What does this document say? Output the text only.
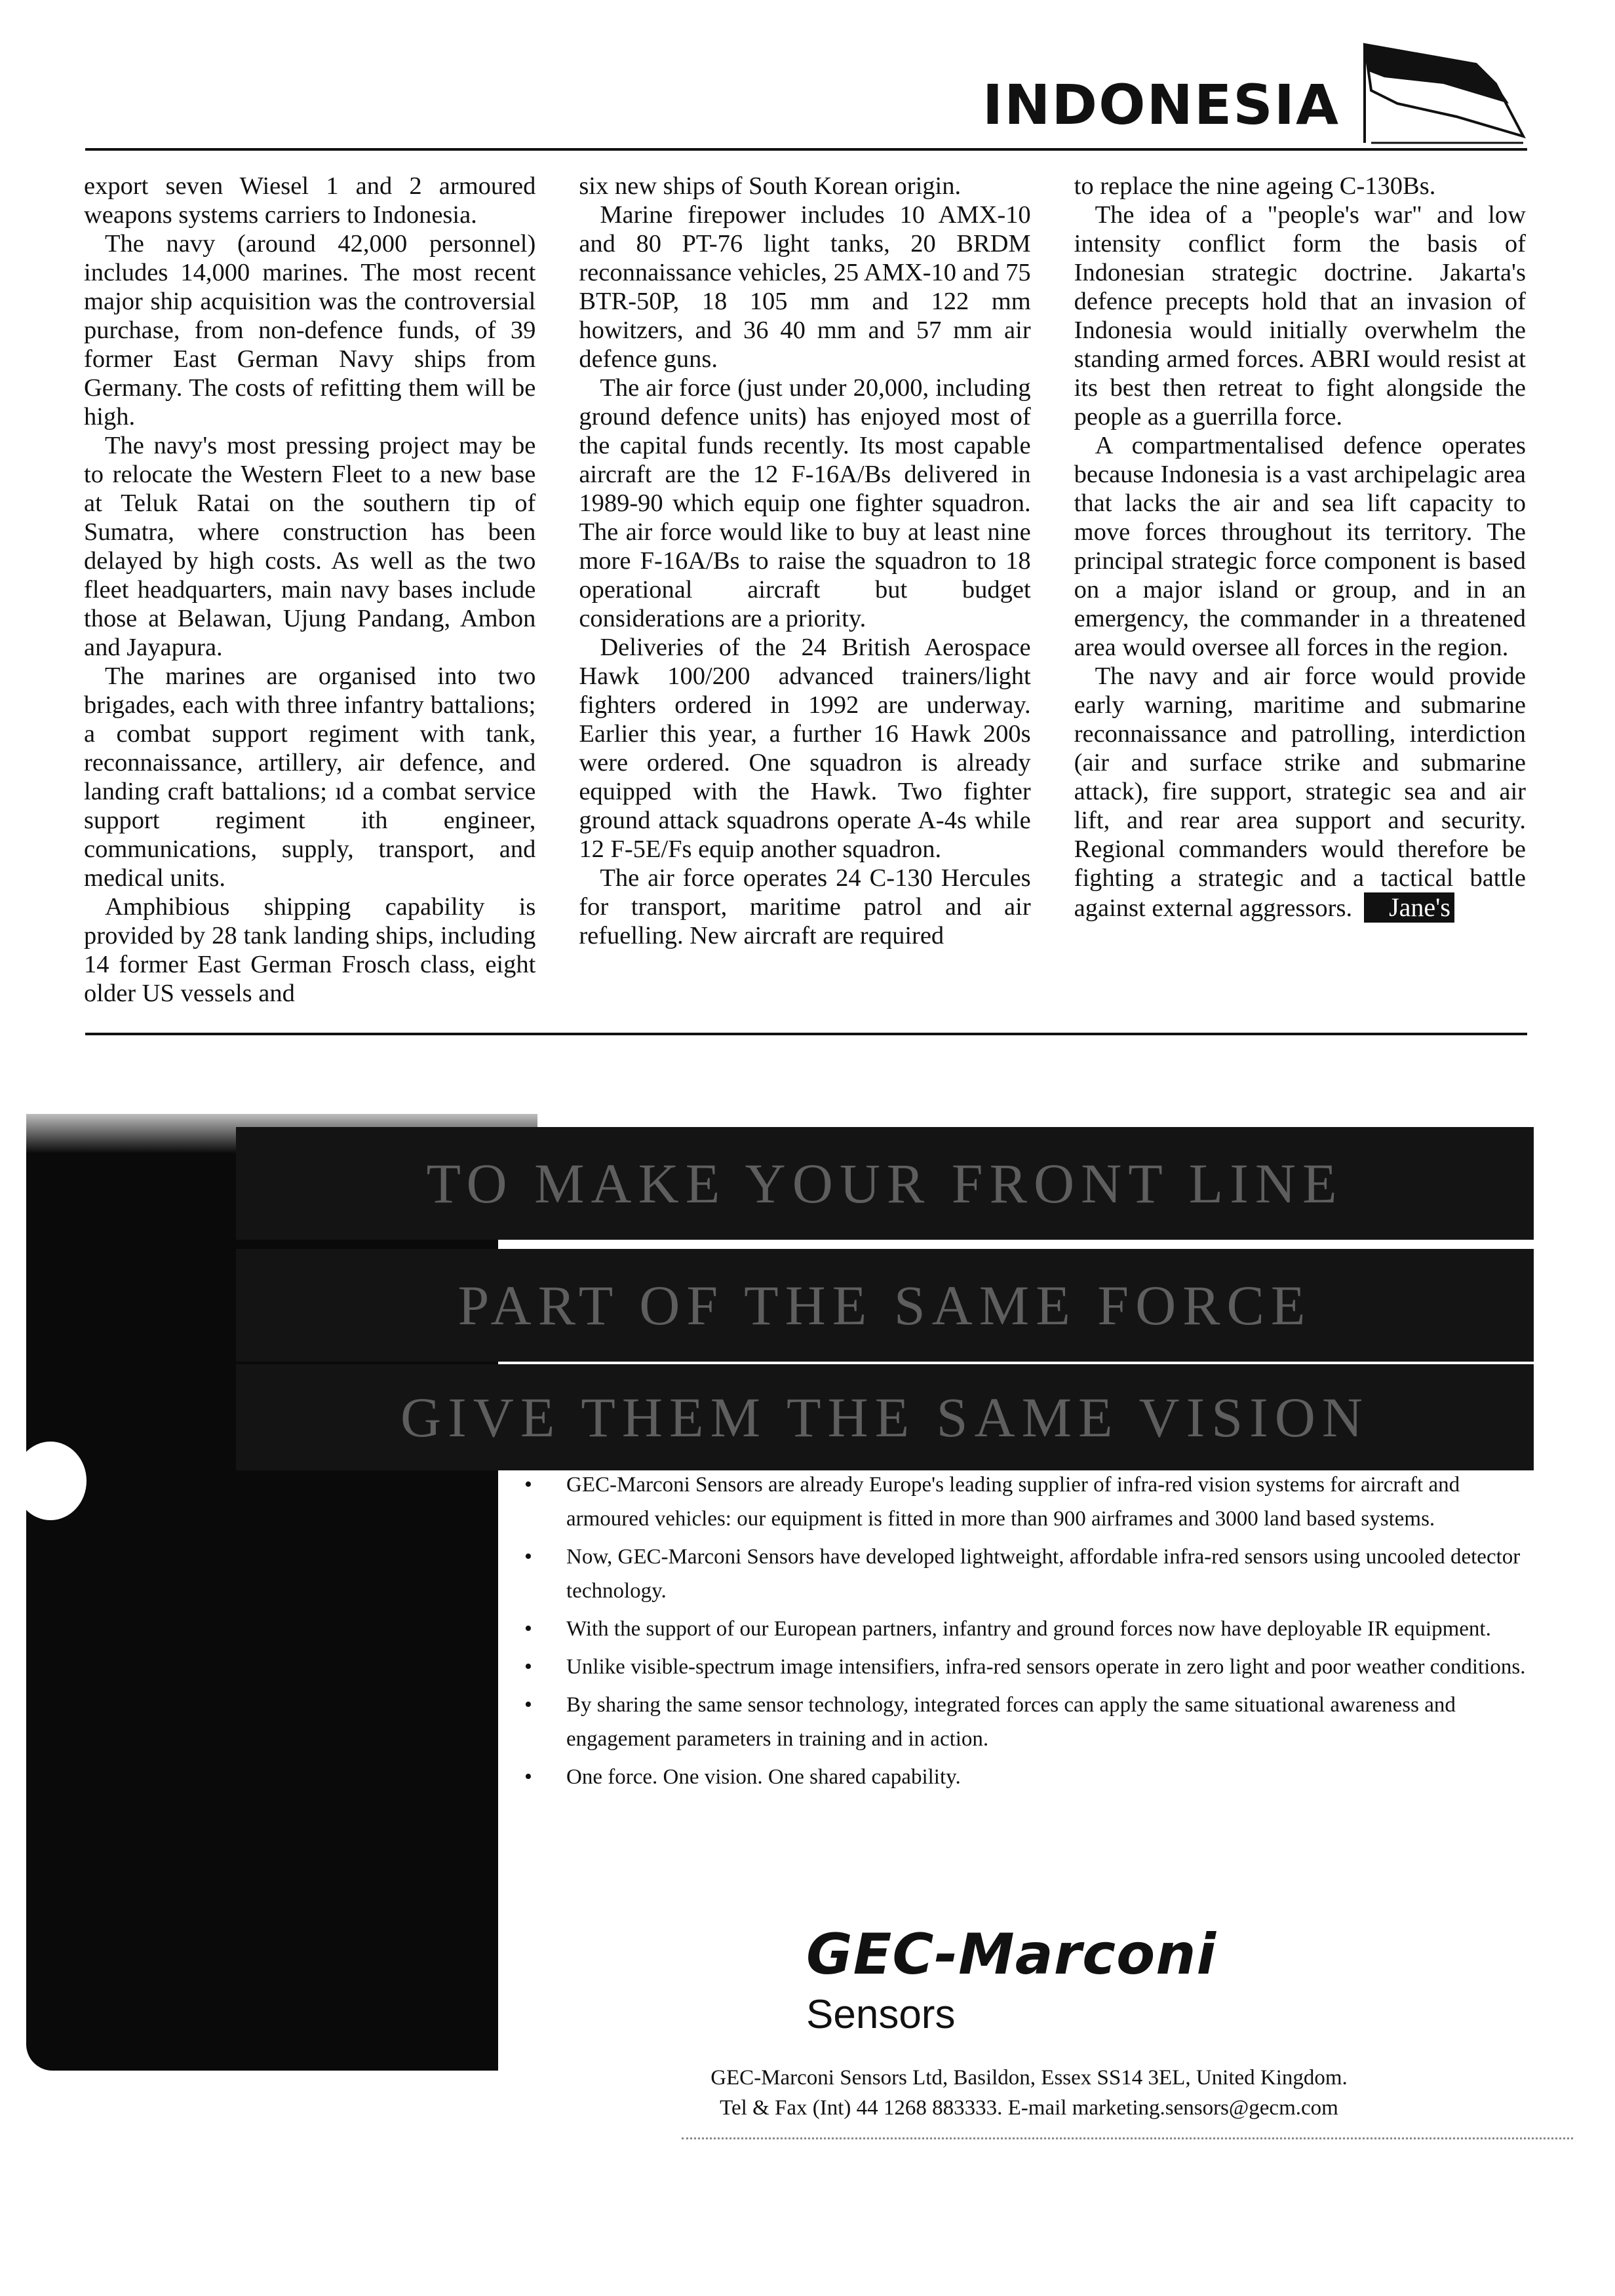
INDONESIA

export seven Wiesel 1 and 2 armoured weapons systems carriers to Indonesia.

The navy (around 42,000 personnel) includes 14,000 marines. The most recent major ship acquisition was the controversial purchase, from non-defence funds, of 39 former East German Navy ships from Germany. The costs of refitting them will be high.

The navy's most pressing project may be to relocate the Western Fleet to a new base at Teluk Ratai on the southern tip of Sumatra, where construction has been delayed by high costs. As well as the two fleet headquarters, main navy bases include those at Belawan, Ujung Pandang, Ambon and Jayapura.

The marines are organised into two brigades, each with three infantry battalions; a combat support regiment with tank, reconnaissance, artillery, air defence, and landing craft battalions; ıd a combat service support regiment ith engineer, communications, supply, transport, and medical units.

Amphibious shipping capability is provided by 28 tank landing ships, including 14 former East German Frosch class, eight older US vessels and

six new ships of South Korean origin.

Marine firepower includes 10 AMX-10 and 80 PT-76 light tanks, 20 BRDM reconnaissance vehicles, 25 AMX-10 and 75 BTR-50P, 18 105 mm and 122 mm howitzers, and 36 40 mm and 57 mm air defence guns.

The air force (just under 20,000, including ground defence units) has enjoyed most of the capital funds recently. Its most capable aircraft are the 12 F-16A/Bs delivered in 1989-90 which equip one fighter squadron. The air force would like to buy at least nine more F-16A/Bs to raise the squadron to 18 operational aircraft but budget considerations are a priority.

Deliveries of the 24 British Aerospace Hawk 100/200 advanced trainers/light fighters ordered in 1992 are underway. Earlier this year, a further 16 Hawk 200s were ordered. One squadron is already equipped with the Hawk. Two fighter ground attack squadrons operate A-4s while 12 F-5E/Fs equip another squadron.

The air force operates 24 C-130 Hercules for transport, maritime patrol and air refuelling. New aircraft are required

to replace the nine ageing C-130Bs.

The idea of a "people's war" and low intensity conflict form the basis of Indonesian strategic doctrine. Jakarta's defence precepts hold that an invasion of Indonesia would initially overwhelm the standing armed forces. ABRI would resist at its best then retreat to fight alongside the people as a guerrilla force.

A compartmentalised defence operates because Indonesia is a vast archipelagic area that lacks the air and sea lift capacity to move forces throughout its territory. The principal strategic force component is based on a major island or group, and in an emergency, the commander in a threatened area would oversee all forces in the region.

The navy and air force would provide early warning, maritime and submarine reconnaissance and patrolling, interdiction (air and surface strike and submarine attack), fire support, strategic sea and air lift, and rear area support and security. Regional commanders would therefore be fighting a strategic and a tactical battle against external aggressors. Jane's

TO MAKE YOUR FRONT LINE
PART OF THE SAME FORCE
GIVE THEM THE SAME VISION
• GEC-Marconi Sensors are already Europe's leading supplier of infra-red vision systems for aircraft and armoured vehicles: our equipment is fitted in more than 900 airframes and 3000 land based systems.
• Now, GEC-Marconi Sensors have developed lightweight, affordable infra-red sensors using uncooled detector technology.
• With the support of our European partners, infantry and ground forces now have deployable IR equipment.
• Unlike visible-spectrum image intensifiers, infra-red sensors operate in zero light and poor weather conditions.
• By sharing the same sensor technology, integrated forces can apply the same situational awareness and engagement parameters in training and in action.
• One force. One vision. One shared capability.
GEC-Marconi
Sensors
GEC-Marconi Sensors Ltd, Basildon, Essex SS14 3EL, United Kingdom.
Tel & Fax (Int) 44 1268 883333. E-mail marketing.sensors@gecm.com
